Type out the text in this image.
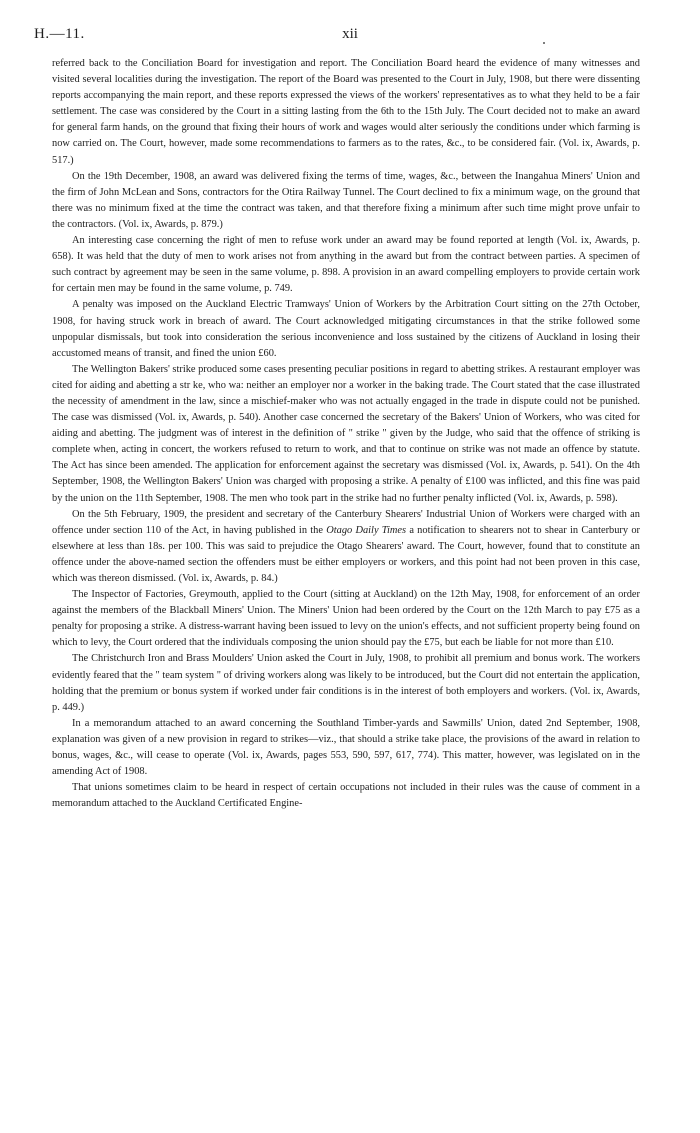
H.—11.	xii

referred back to the Conciliation Board for investigation and report. The Conciliation Board heard the evidence of many witnesses and visited several localities during the investigation. The report of the Board was presented to the Court in July, 1908, but there were dissenting reports accompanying the main report, and these reports expressed the views of the workers' representatives as to what they held to be a fair settlement. The case was considered by the Court in a sitting lasting from the 6th to the 15th July. The Court decided not to make an award for general farm hands, on the ground that fixing their hours of work and wages would alter seriously the conditions under which farming is now carried on. The Court, however, made some recommendations to farmers as to the rates, &c., to be considered fair. (Vol. ix, Awards, p. 517.)

On the 19th December, 1908, an award was delivered fixing the terms of time, wages, &c., between the Inangahua Miners' Union and the firm of John McLean and Sons, contractors for the Otira Railway Tunnel. The Court declined to fix a minimum wage, on the ground that there was no minimum fixed at the time the contract was taken, and that therefore fixing a minimum after such time might prove unfair to the contractors. (Vol. ix, Awards, p. 879.)

An interesting case concerning the right of men to refuse work under an award may be found reported at length (Vol. ix, Awards, p. 658). It was held that the duty of men to work arises not from anything in the award but from the contract between parties. A specimen of such contract by agreement may be seen in the same volume, p. 898. A provision in an award compelling employers to provide certain work for certain men may be found in the same volume, p. 749.

A penalty was imposed on the Auckland Electric Tramways' Union of Workers by the Arbitration Court sitting on the 27th October, 1908, for having struck work in breach of award. The Court acknowledged mitigating circumstances in that the strike followed some unpopular dismissals, but took into consideration the serious inconvenience and loss sustained by the citizens of Auckland in losing their accustomed means of transit, and fined the union £60.

The Wellington Bakers' strike produced some cases presenting peculiar positions in regard to abetting strikes. A restaurant employer was cited for aiding and abetting a str ke, who wa: neither an employer nor a worker in the baking trade. The Court stated that the case illustrated the necessity of amendment in the law, since a mischief-maker who was not actually engaged in the trade in dispute could not be punished. The case was dismissed (Vol. ix, Awards, p. 540). Another case concerned the secretary of the Bakers' Union of Workers, who was cited for aiding and abetting. The judgment was of interest in the definition of " strike " given by the Judge, who said that the offence of striking is complete when, acting in concert, the workers refused to return to work, and that to continue on strike was not made an offence by statute. The Act has since been amended. The application for enforcement against the secretary was dismissed (Vol. ix, Awards, p. 541). On the 4th September, 1908, the Wellington Bakers' Union was charged with proposing a strike. A penalty of £100 was inflicted, and this fine was paid by the union on the 11th September, 1908. The men who took part in the strike had no further penalty inflicted (Vol. ix, Awards, p. 598).

On the 5th February, 1909, the president and secretary of the Canterbury Shearers' Industrial Union of Workers were charged with an offence under section 110 of the Act, in having published in the Otago Daily Times a notification to shearers not to shear in Canterbury or elsewhere at less than 18s. per 100. This was said to prejudice the Otago Shearers' award. The Court, however, found that to constitute an offence under the above-named section the offenders must be either employers or workers, and this point had not been proven in this case, which was thereon dismissed. (Vol. ix, Awards, p. 84.)

The Inspector of Factories, Greymouth, applied to the Court (sitting at Auckland) on the 12th May, 1908, for enforcement of an order against the members of the Blackball Miners' Union. The Miners' Union had been ordered by the Court on the 12th March to pay £75 as a penalty for proposing a strike. A distress-warrant having been issued to levy on the union's effects, and not sufficient property being found on which to levy, the Court ordered that the individuals composing the union should pay the £75, but each be liable for not more than £10.

The Christchurch Iron and Brass Moulders' Union asked the Court in July, 1908, to prohibit all premium and bonus work. The workers evidently feared that the " team system " of driving workers along was likely to be introduced, but the Court did not entertain the application, holding that the premium or bonus system if worked under fair conditions is in the interest of both employers and workers. (Vol. ix, Awards, p. 449.)

In a memorandum attached to an award concerning the Southland Timber-yards and Sawmills' Union, dated 2nd September, 1908, explanation was given of a new provision in regard to strikes—viz., that should a strike take place, the provisions of the award in relation to bonus, wages, &c., will cease to operate (Vol. ix, Awards, pages 553, 590, 597, 617, 774). This matter, however, was legislated on in the amending Act of 1908.

That unions sometimes claim to be heard in respect of certain occupations not included in their rules was the cause of comment in a memorandum attached to the Auckland Certificated Engine-
